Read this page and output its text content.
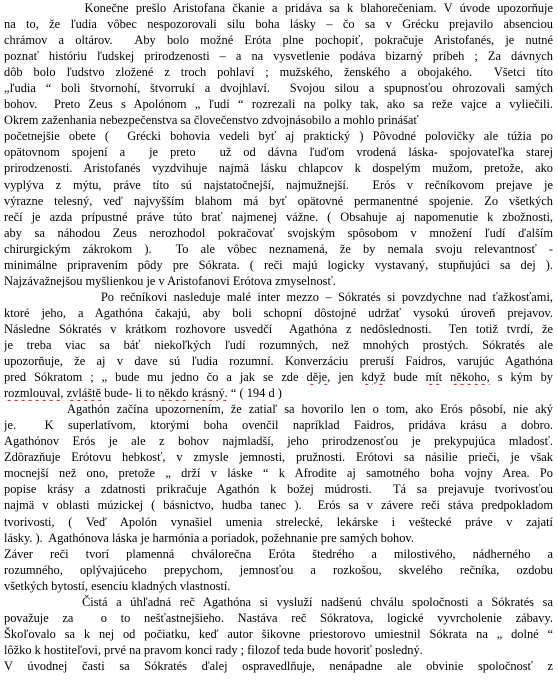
Konečne prešlo Aristofana čkanie a pridáva sa k blahorečeniam. V úvode upozorňuje
na to, že ľudia vôbec nespozorovali silu boha lásky – čo sa v Grécku prejavilo absenciou
chrámov a oltárov.  Aby bolo možné Eróta plne pochopiť, pokračuje Aristofanés, je nutné
poznať históriu ľudskej prirodzenosti – a na vysvetlenie podáva bizarný príbeh ; Za dávnych
dôb bolo ľudstvo zložené z troch pohlaví ; mužského, ženského a obojakého.  Všetci títo
„ľudia “ boli štvornohí, štvorrukí a dvojhlaví.  Svojou silou a spupnosťou ohrozovali samých
bohov.  Preto Zeus s Apolónom „ ľudí “ rozrezali na polky tak, ako sa reže vajce a vyliečili.
Okrem zaženhania nebezpečenstva sa človečenstvo zdvojnásobilo a mohlo prinášať
početnejšie obete (  Grécki bohovia vedeli byť aj praktický ) Pôvodné polovičky ale túžia po
opätovnom spojení a  je preto  už od dávna ľuďom vrodená láska- spojovateľka starej
prirodzenosti. Aristofanés vyzdvihuje najmä lásku chlapcov k dospelým mužom, pretože, ako
vyplýva z mýtu, práve títo sú najstatočnejší, najmužnejší.  Erós v rečníkovom prejave je
výrazne telesný, veď najvyšším blahom má byť opätovné permanentné spojenie. Zo všetkých
rečí je azda prípustné práve túto brať najmenej vážne. ( Obsahuje aj napomenutie k zbožnosti,
aby sa náhodou Zeus nerozhodol pokračovať svojským spôsobom v množení ľudí ďalším
chirurgickým zákrokom ).  To ale vôbec neznamená, že by nemala svoju relevantnosť -
minimálne pripravením pôdy pre Sókrata. ( reči majú logicky vystavaný, stupňujúci sa dej ).
Najzávažnejšou myšlienkou je v Aristofanovi Erótova zmyselnosť.
Po rečníkovi nasleduje malé inter mezzo – Sókratés si povzdychne nad ťažkosťami,
ktoré jeho, a Agathóna čakajú, aby boli schopní dôstojné udržať vysokú úroveň prejavov.
Následne Sókratés v krátkom rozhovore usvedčí  Agathóna z nedôslednosti.  Ten totiž tvrdí, že
je treba viac sa báť niekoľkých ľudí rozumných, než mnohých prostých. Sókratés ale
upozorňuje, že aj v dave sú ľudia rozumní. Konverzáciu preruší Faidros, varujúc Agathóna
pred Sókratom ; „ bude mu jedno čo a jak se zde děje, jen když bude mít někoho, s kým by
rozmlouval, zvláště bude- li to někdo krásný. “ ( 194 d )
Agathón začína upozornením, že zatiaľ sa hovorilo len o tom, ako Erós pôsobí, nie aký
je.  K superlatívom, ktorými boha ovenčil napríklad Faidros, pridáva krásu a dobro.
Agathónov Erós je ale z bohov najmladší, jeho prirodzenosťou je prekypujúca mladosť.
Zdôrazňuje Erótovu hebkosť, v zmysle jemnosti, pružnosti. Erótovi sa násilie prieči, je však
mocnejší než ono, pretože „ drží v láske “ k Afrodite aj samotného boha vojny Area. Po
popise krásy a zdatnosti prikračuje Agathón k božej múdrosti.  Tá sa prejavuje tvorivosťou
najmä v oblasti múzickej ( básnictvo, hudba tanec ).  Erós sa v závere reči stáva predpokladom
tvorivosti, ( Veď Apolón vynašiel umenia strelecké, lekárske i veštecké práve v zajatí
lásky. ).  Agathónova láska je harmónia a poriadok, požehnanie pre samých bohov.
Záver reči tvorí plamenná chválorečna Eróta štedrého a milostivého, nádherného a
rozumného, oplývajúceho prepychom, jemnosťou a rozkošou, skvelého rečníka, ozdobu
všetkých bytostí, esenciu kladných vlastností.
Čistá a úhľadná reč Agathóna si vysluží nadšenú chválu spoločnosti a Sókratés sa
považuje za  o to nešťastnejšieho. Nastáva reč Sókratova, logické vyvrcholenie zábavy.
Škoľovalo sa k nej od počiatku, keď autor šikovne priestorovo umiestnil Sókrata na „ dolné “
lôžko k hostiteľovi, prvé na pravom konci rady ; filozof teda bude hovoriť posledný.
V úvodnej časti sa Sókratés ďalej ospravedlňuje, nenápadne ale obvinie spoločnosť z
